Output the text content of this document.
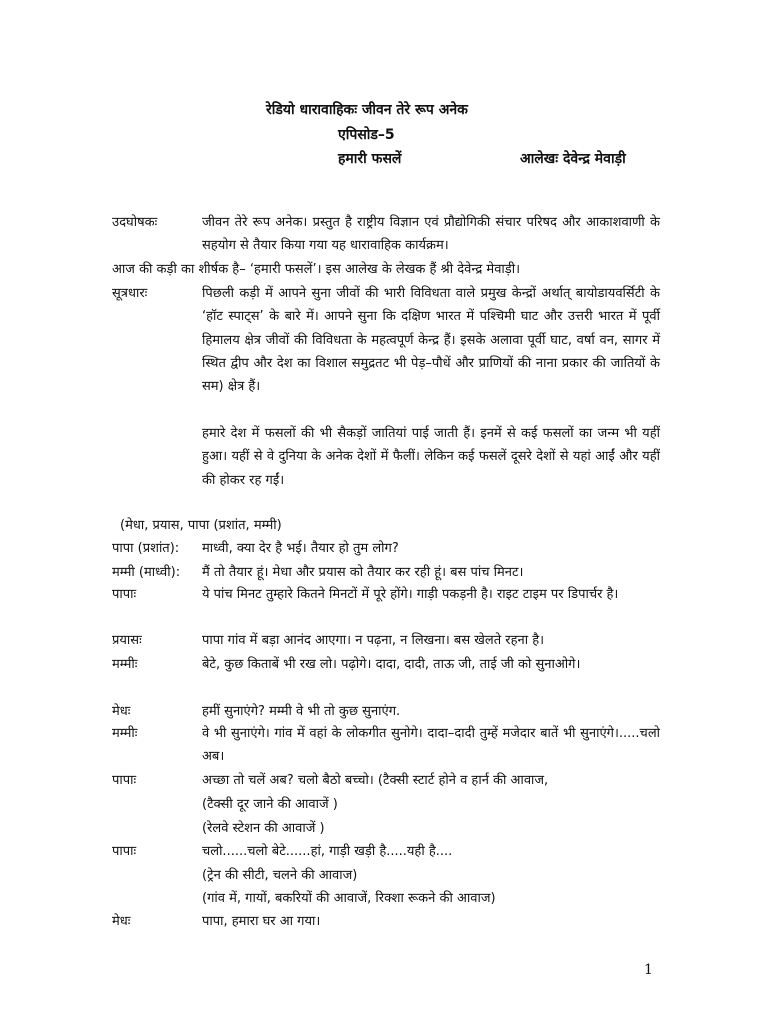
रेडियो धारावाहिकः जीवन तेरे रूप अनेक
एपिसोड–5
हमारी फसलें	आलेखः देवेन्द्र मेवाड़ी
उदघोषकः	जीवन तेरे रूप अनेक। प्रस्तुत है राष्ट्रीय विज्ञान एवं प्रौद्योगिकी संचार परिषद और आकाशवाणी के सहयोग से तैयार किया गया यह धारावाहिक कार्यक्रम।
आज की कड़ी का शीर्षक है– ‘हमारी फसलें’। इस आलेख के लेखक हैं श्री देवेन्द्र मेवाड़ी।
सूत्रधारः	पिछली कड़ी में आपने सुना जीवों की भारी विविधता वाले प्रमुख केन्द्रों अर्थात् बायोडायवर्सिटी के ‘हॉट स्पाट्स’ के बारे में। आपने सुना कि दक्षिण भारत में पश्चिमी घाट और उत्तरी भारत में पूर्वी हिमालय क्षेत्र जीवों की विविधता के महत्वपूर्ण केन्द्र हैं। इसके अलावा पूर्वी घाट, वर्षा वन, सागर में स्थित द्वीप और देश का विशाल समुद्रतट भी पेड़–पौधें और प्राणियों की नाना प्रकार की जातियों के सम) क्षेत्र हैं।
हमारे देश में फसलों की भी सैकड़ों जातियां पाई जाती हैं। इनमें से कई फसलों का जन्म भी यहीं हुआ। यहीं से वे दुनिया के अनेक देशों में फैलीं। लेकिन कई फसलें दूसरे देशों से यहां आईं और यहीं की होकर रह गईं।
(मेधा, प्रयास, पापा (प्रशांत, मम्मी)
पापा (प्रशांत): माध्वी, क्या देर है भई। तैयार हो तुम लोग?
मम्मी (माध्वी): मैं तो तैयार हूं। मेधा और प्रयास को तैयार कर रही हूं। बस पांच मिनट।
पापाः	ये पांच मिनट तुम्हारे कितने मिनटों में पूरे होंगे। गाड़ी पकड़नी है। राइट टाइम पर डिपार्चर है।
प्रयासः	पापा गांव में बड़ा आनंद आएगा। न पढ़ना, न लिखना। बस खेलते रहना है।
मम्मीः	बेटे, कुछ किताबें भी रख लो। पढ़ोगे। दादा, दादी, ताऊ जी, ताई जी को सुनाओगे।
मेधः	हमीं सुनाएंगे? मम्मी वे भी तो कुछ सुनाएंग.
मम्मीः	वे भी सुनाएंगे। गांव में वहां के लोकगीत सुनोगे। दादा–दादी तुम्हें मजेदार बातें भी सुनाएंगे।.....चलो अब।
पापाः	अच्छा तो चलें अब? चलो बैठो बच्चो। (टैक्सी स्टार्ट होने व हार्न की आवाज,
(टैक्सी दूर जाने की आवाजें )
(रेलवे स्टेशन की आवाजें )
पापाः	चलो......चलो बेटे......हां, गाड़ी खड़ी है.....यही है....
(ट्रेन की सीटी, चलने की आवाज)
(गांव में, गायों, बकरियों की आवाजें, रिक्शा रूकने की आवाज)
मेधः	पापा, हमारा घर आ गया।
1
